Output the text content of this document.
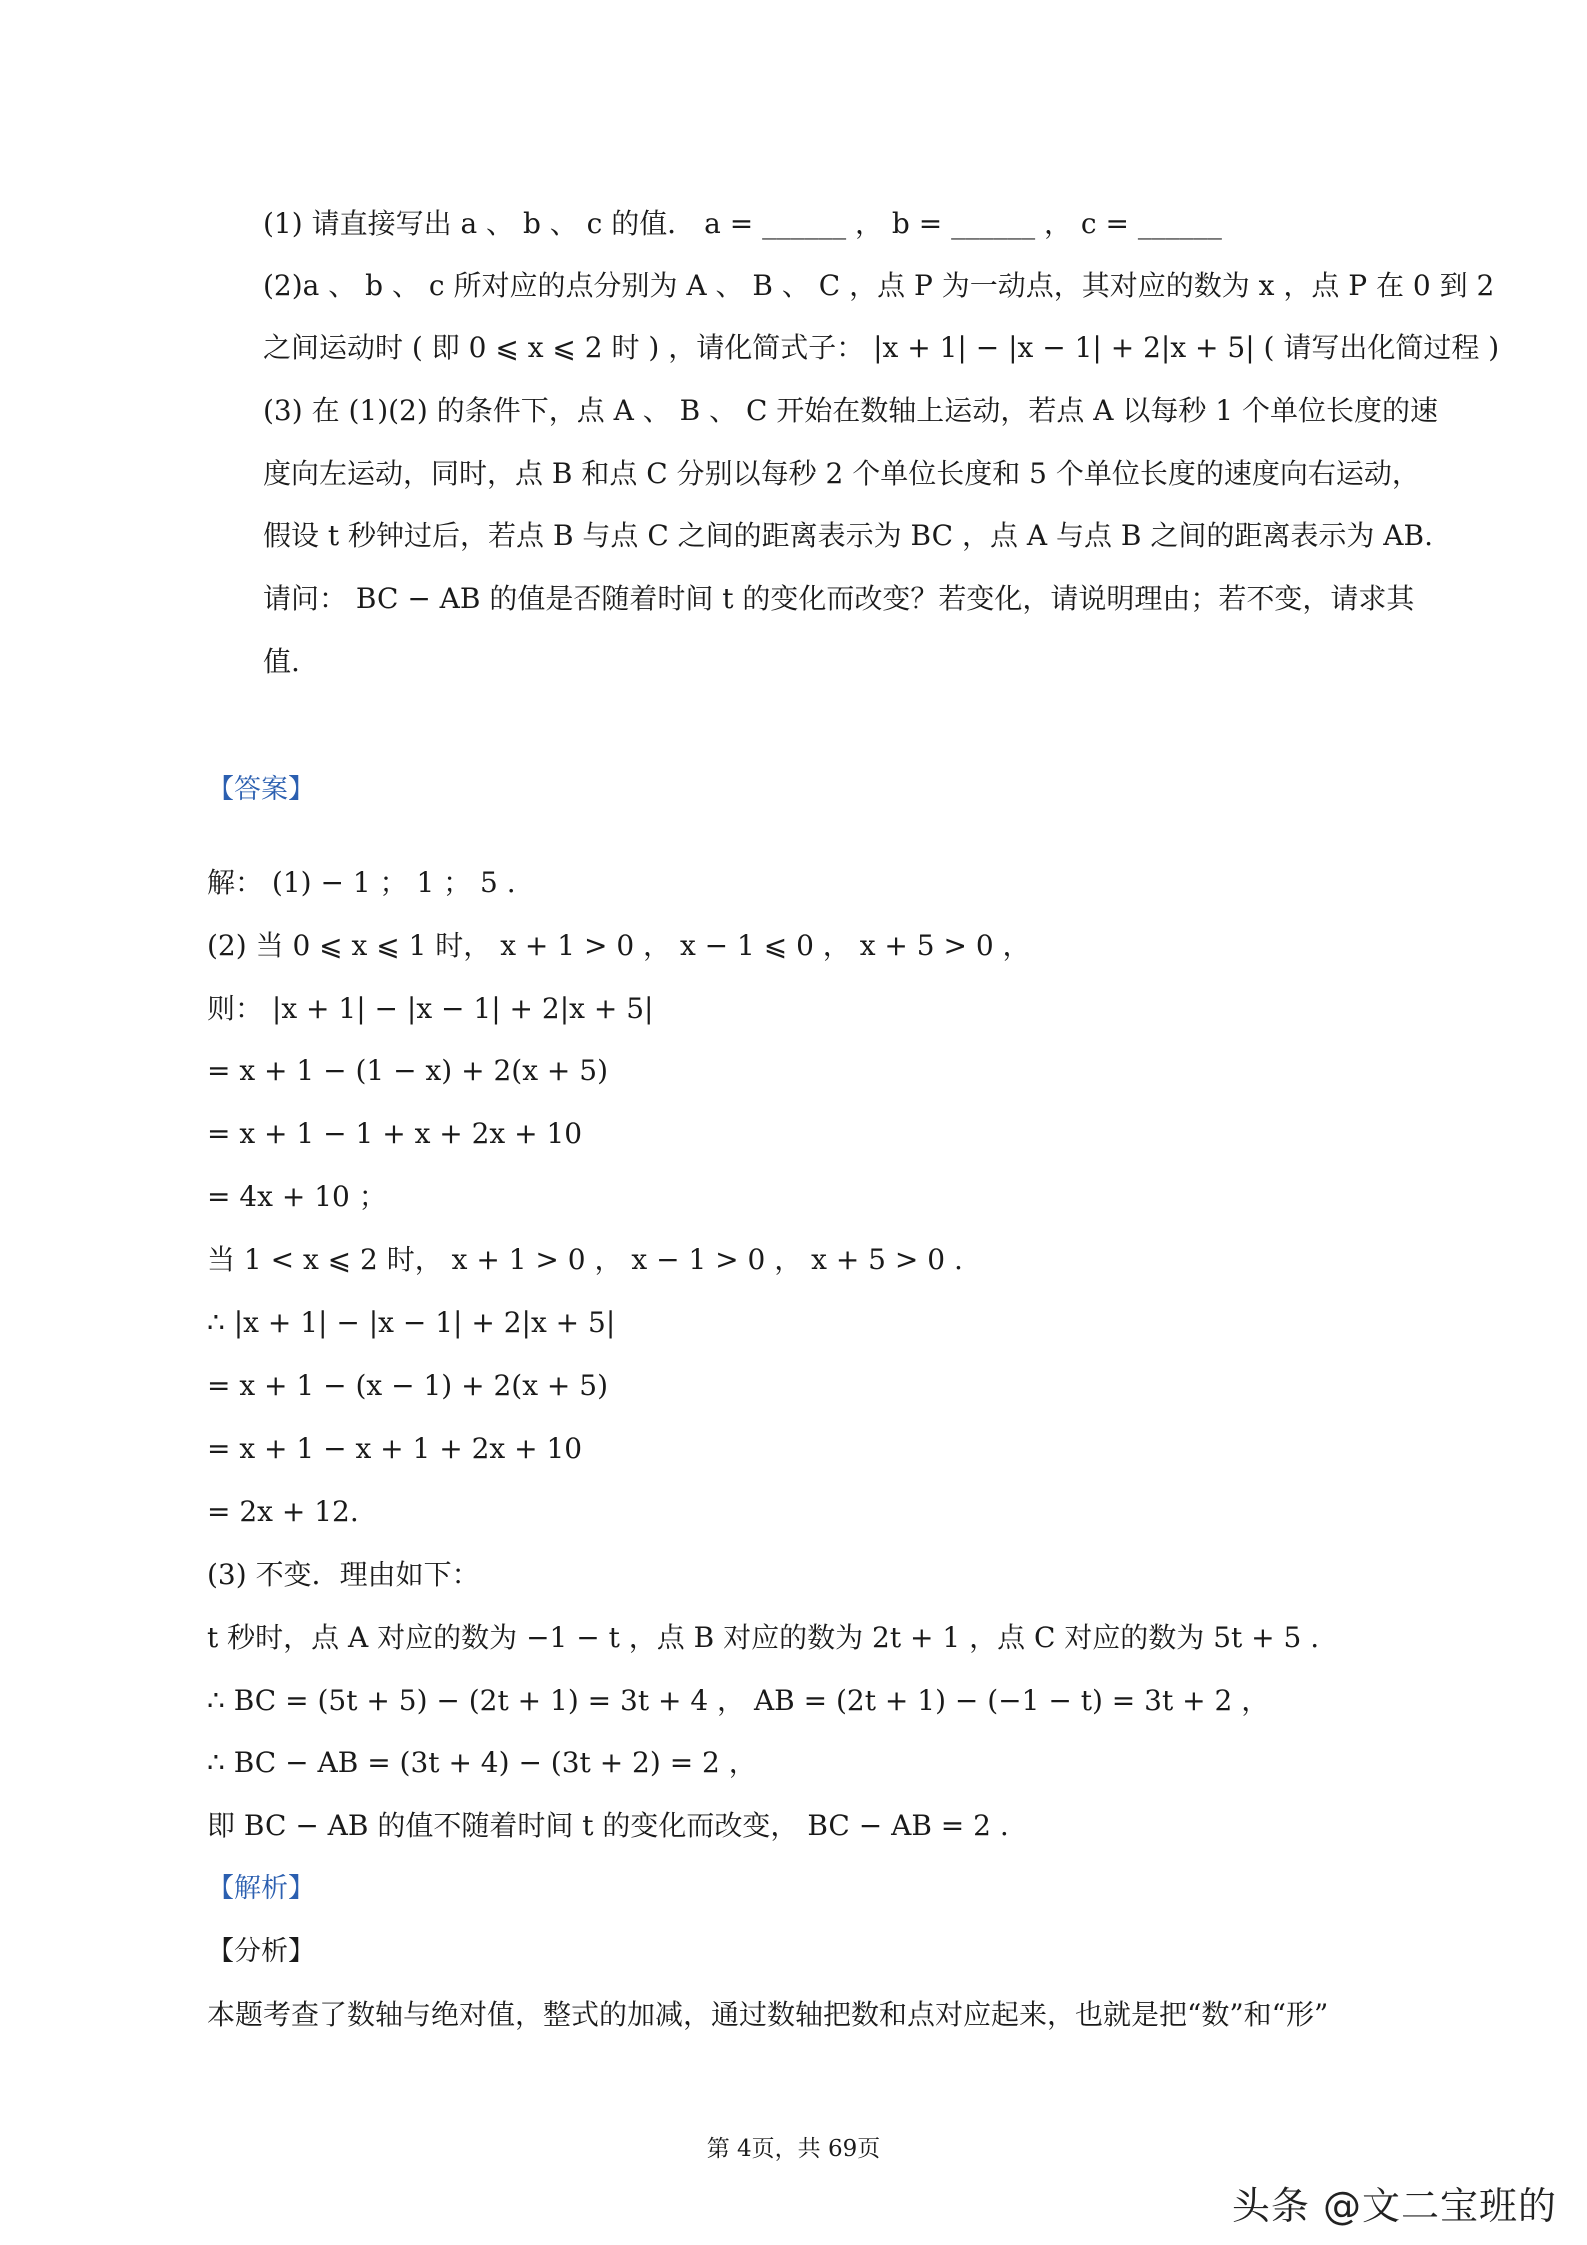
(1) 请直接写出 a 、 b 、 c 的值． a = ______ ， b = ______ ， c = ______
(2)a 、 b 、 c 所对应的点分别为 A 、 B 、 C ，点 P 为一动点，其对应的数为 x ，点 P 在 0 到 2
之间运动时 ( 即 0 ⩽ x ⩽ 2 时 ) ，请化简式子： |x + 1| − |x − 1| + 2|x + 5| ( 请写出化简过程 )
(3) 在 (1)(2) 的条件下，点 A 、 B 、 C 开始在数轴上运动，若点 A 以每秒 1 个单位长度的速
度向左运动，同时，点 B 和点 C 分别以每秒 2 个单位长度和 5 个单位长度的速度向右运动，
假设 t 秒钟过后，若点 B 与点 C 之间的距离表示为 BC ，点 A 与点 B 之间的距离表示为 AB.
请问： BC − AB 的值是否随着时间 t 的变化而改变？若变化，请说明理由；若不变，请求其
值.
【答案】
解： (1) − 1 ； 1 ； 5 .
(2) 当 0 ⩽ x ⩽ 1 时， x + 1 > 0 ， x − 1 ⩽ 0 ， x + 5 > 0 ，
则： |x + 1| − |x − 1| + 2|x + 5|
= x + 1 − (1 − x) + 2(x + 5)
= x + 1 − 1 + x + 2x + 10
= 4x + 10 ；
当 1 < x ⩽ 2 时， x + 1 > 0 ， x − 1 > 0 ， x + 5 > 0 .
∴ |x + 1| − |x − 1| + 2|x + 5|
= x + 1 − (x − 1) + 2(x + 5)
= x + 1 − x + 1 + 2x + 10
= 2x + 12.
(3) 不变．理由如下：
t 秒时，点 A 对应的数为 −1 − t ，点 B 对应的数为 2t + 1 ，点 C 对应的数为 5t + 5 .
∴ BC = (5t + 5) − (2t + 1) = 3t + 4 ， AB = (2t + 1) − (−1 − t) = 3t + 2 ，
∴ BC − AB = (3t + 4) − (3t + 2) = 2 ，
即 BC − AB 的值不随着时间 t 的变化而改变， BC − AB = 2 .
【解析】
【分析】
本题考查了数轴与绝对值，整式的加减，通过数轴把数和点对应起来，也就是把“数”和“形”
第 4页，共 69页
头条 @文二宝班的
